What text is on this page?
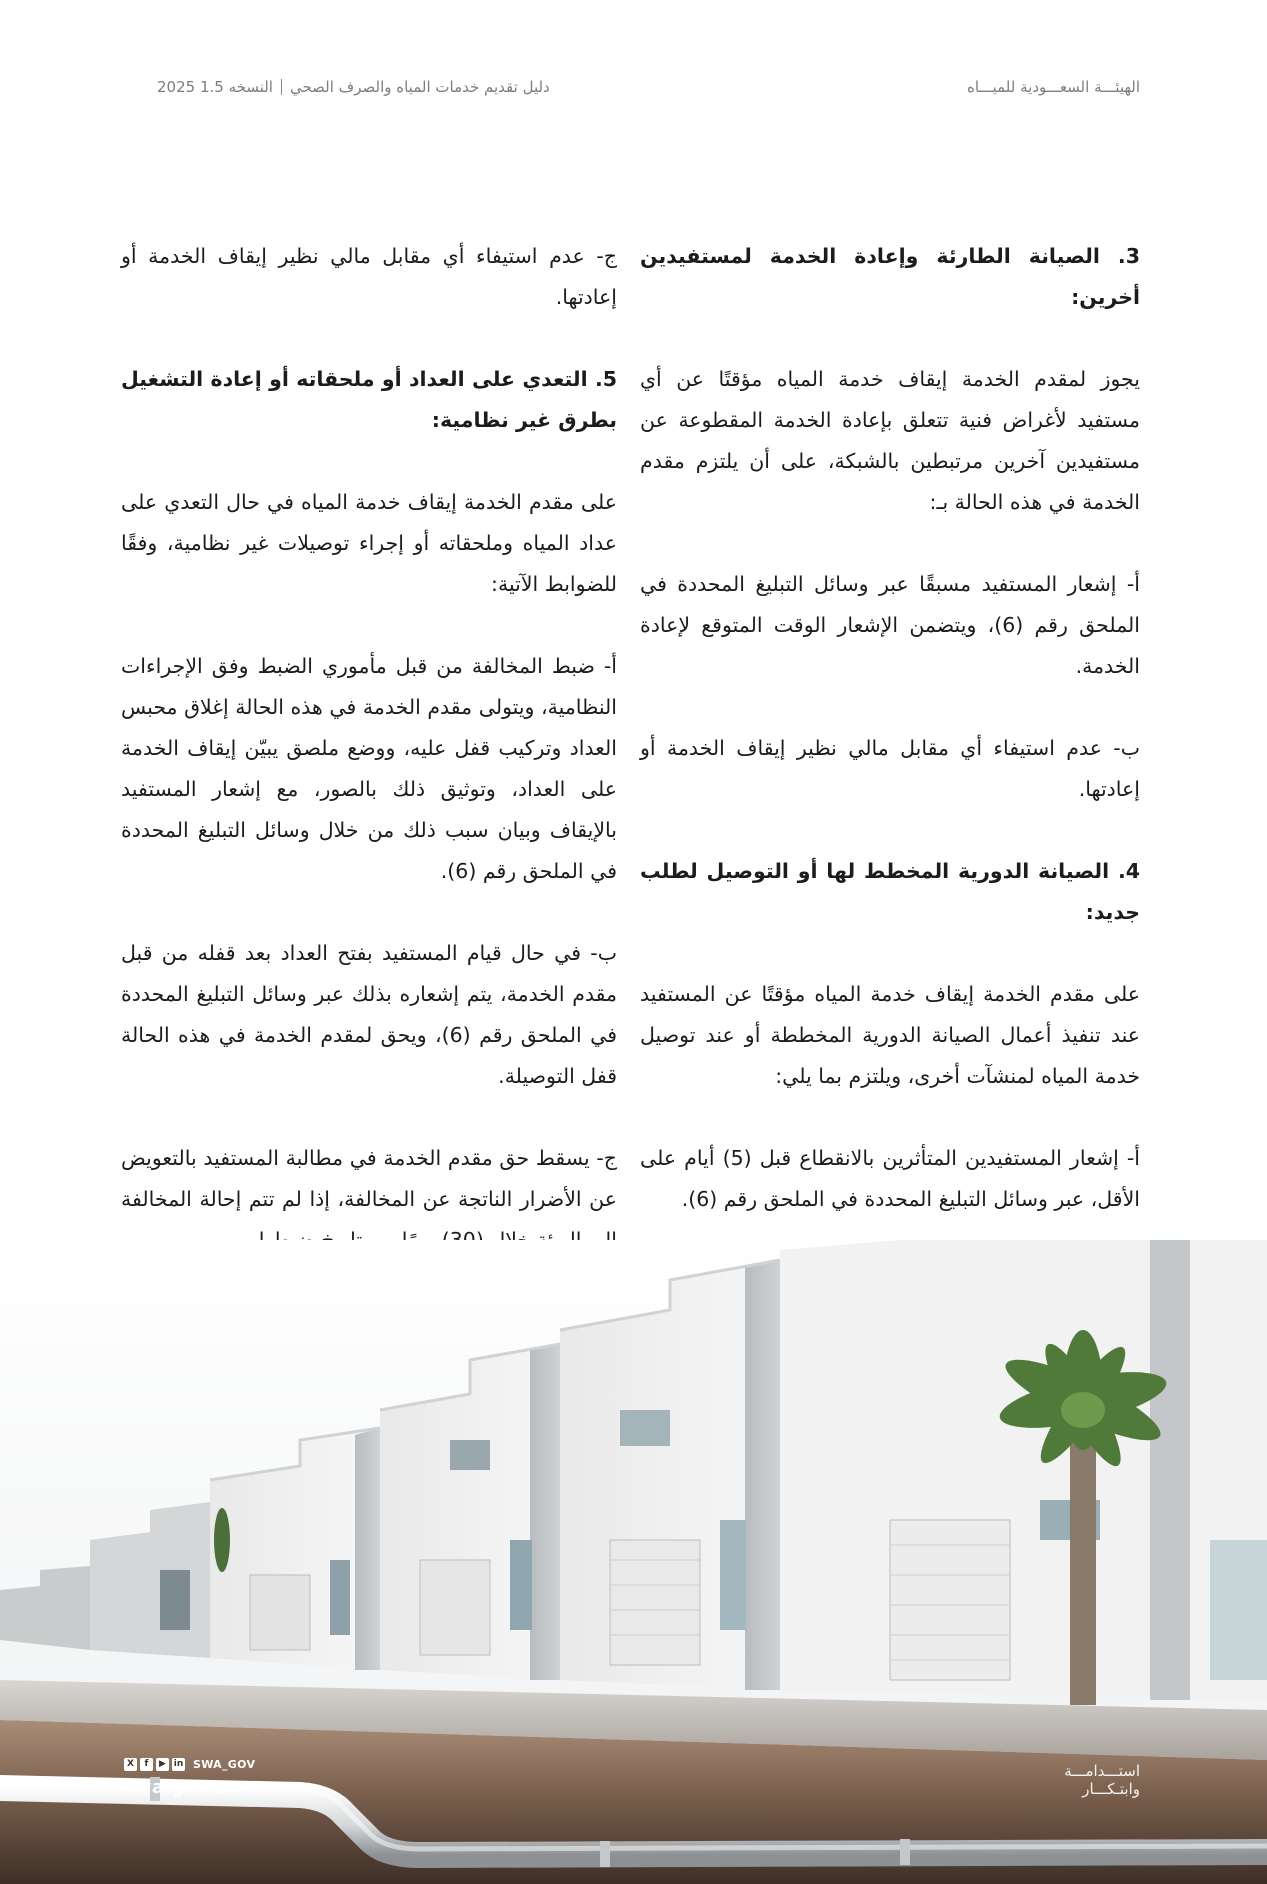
الهيئـــة السعـــودية للميـــاه
دليل تقديم خدمات المياه والصرف الصحي
النسخه 1.5 2025
3. الصيانة الطارئة وإعادة الخدمة لمستفيدين أخرين:

يجوز لمقدم الخدمة إيقاف خدمة المياه مؤقتًا عن أي مستفيد لأغراض فنية تتعلق بإعادة الخدمة المقطوعة عن مستفيدين آخرين مرتبطين بالشبكة، على أن يلتزم مقدم الخدمة في هذه الحالة بـ:

أ- إشعار المستفيد مسبقًا عبر وسائل التبليغ المحددة في الملحق رقم (6)، ويتضمن الإشعار الوقت المتوقع لإعادة الخدمة.

ب- عدم استيفاء أي مقابل مالي نظير إيقاف الخدمة أو إعادتها.

4. الصيانة الدورية المخطط لها أو التوصيل لطلب جديد:

على مقدم الخدمة إيقاف خدمة المياه مؤقتًا عن المستفيد عند تنفيذ أعمال الصيانة الدورية المخططة أو عند توصيل خدمة المياه لمنشآت أخرى، ويلتزم بما يلي:

أ- إشعار المستفيدين المتأثرين بالانقطاع قبل (5) أيام على الأقل، عبر وسائل التبليغ المحددة في الملحق رقم (6).

ج- عدم استيفاء أي مقابل مالي نظير إيقاف الخدمة أو إعادتها.

5. التعدي على العداد أو ملحقاته أو إعادة التشغيل بطرق غير نظامية:

على مقدم الخدمة إيقاف خدمة المياه في حال التعدي على عداد المياه وملحقاته أو إجراء توصيلات غير نظامية، وفقًا للضوابط الآتية:

أ- ضبط المخالفة من قبل مأموري الضبط وفق الإجراءات النظامية، ويتولى مقدم الخدمة في هذه الحالة إغلاق محبس العداد وتركيب قفل عليه، ووضع ملصق يبيّن إيقاف الخدمة على العداد، وتوثيق ذلك بالصور، مع إشعار المستفيد بالإيقاف وبيان سبب ذلك من خلال وسائل التبليغ المحددة في الملحق رقم (6).

ب- في حال قيام المستفيد بفتح العداد بعد قفله من قبل مقدم الخدمة، يتم إشعاره بذلك عبر وسائل التبليغ المحددة في الملحق رقم (6)، ويحق لمقدم الخدمة في هذه الحالة قفل التوصيلة.

ج- يسقط حق مقدم الخدمة في مطالبة المستفيد بالتعويض عن الأضرار الناتجة عن المخالفة، إذا لم تتم إحالة المخالفة

X	f	▶ in SWA_GOV
swa.gov.sa
استـــدامـــة
وابتـكـــار
